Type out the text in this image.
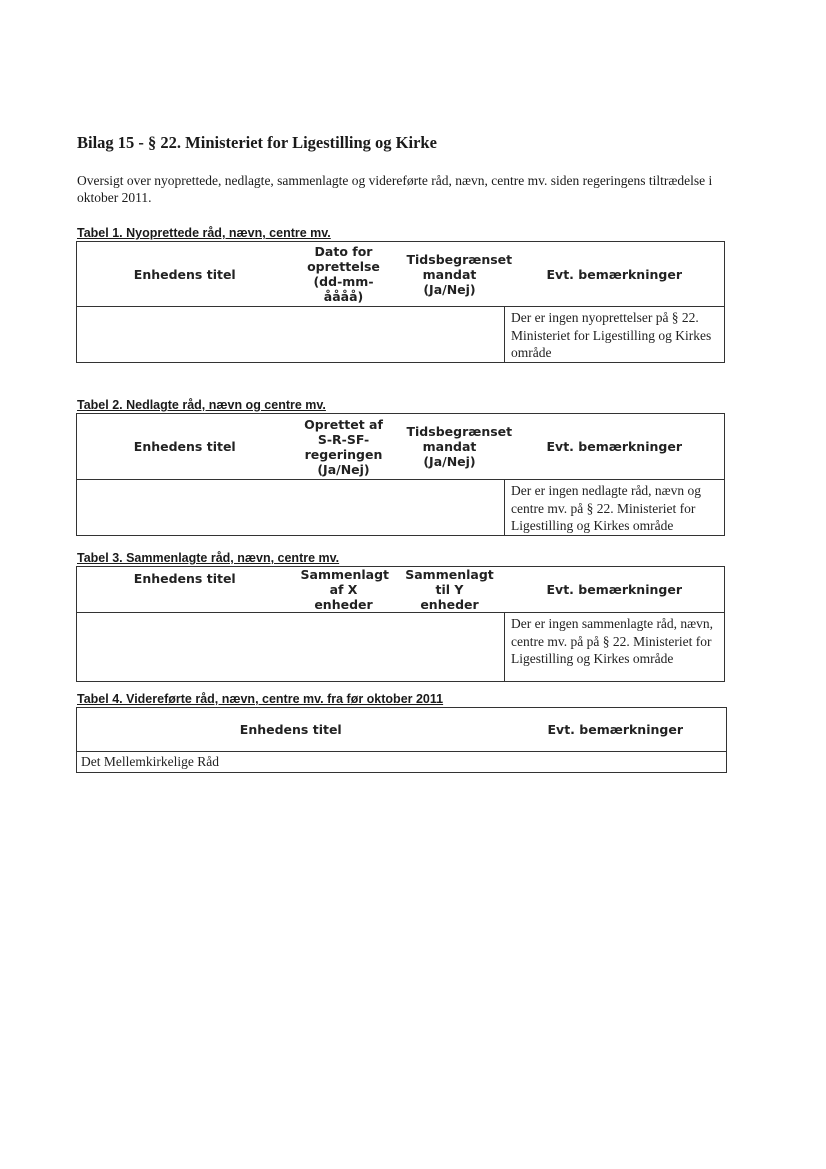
Bilag 15 - § 22. Ministeriet for Ligestilling og Kirke
Oversigt over nyoprettede, nedlagte, sammenlagte og videreførte råd, nævn, centre mv. siden regeringens tiltrædelse i oktober 2011.
Tabel 1. Nyoprettede råd, nævn, centre mv.
Enhedens titel	Dato for oprettelse (dd-mm-åååå)	Tidsbegrænset mandat (Ja/Nej)	Evt. bemærkninger
			Der er ingen nyoprettelser på § 22. Ministeriet for Ligestilling og Kirkes område
Tabel 2. Nedlagte råd, nævn og centre mv.
Enhedens titel	Oprettet af S-R-SF-regeringen (Ja/Nej)	Tidsbegrænset mandat (Ja/Nej)	Evt. bemærkninger
			Der er ingen nedlagte råd, nævn og centre mv. på § 22. Ministeriet for Ligestilling og Kirkes område
Tabel 3. Sammenlagte råd, nævn, centre mv.
Enhedens titel	Sammenlagt af X enheder	Sammenlagt til Y enheder	Evt. bemærkninger
			Der er ingen sammenlagte råd, nævn, centre mv. på på § 22. Ministeriet for Ligestilling og Kirkes område
Tabel 4. Videreførte råd, nævn, centre mv. fra før oktober 2011
Enhedens titel	Evt. bemærkninger
Det Mellemkirkelige Råd	
